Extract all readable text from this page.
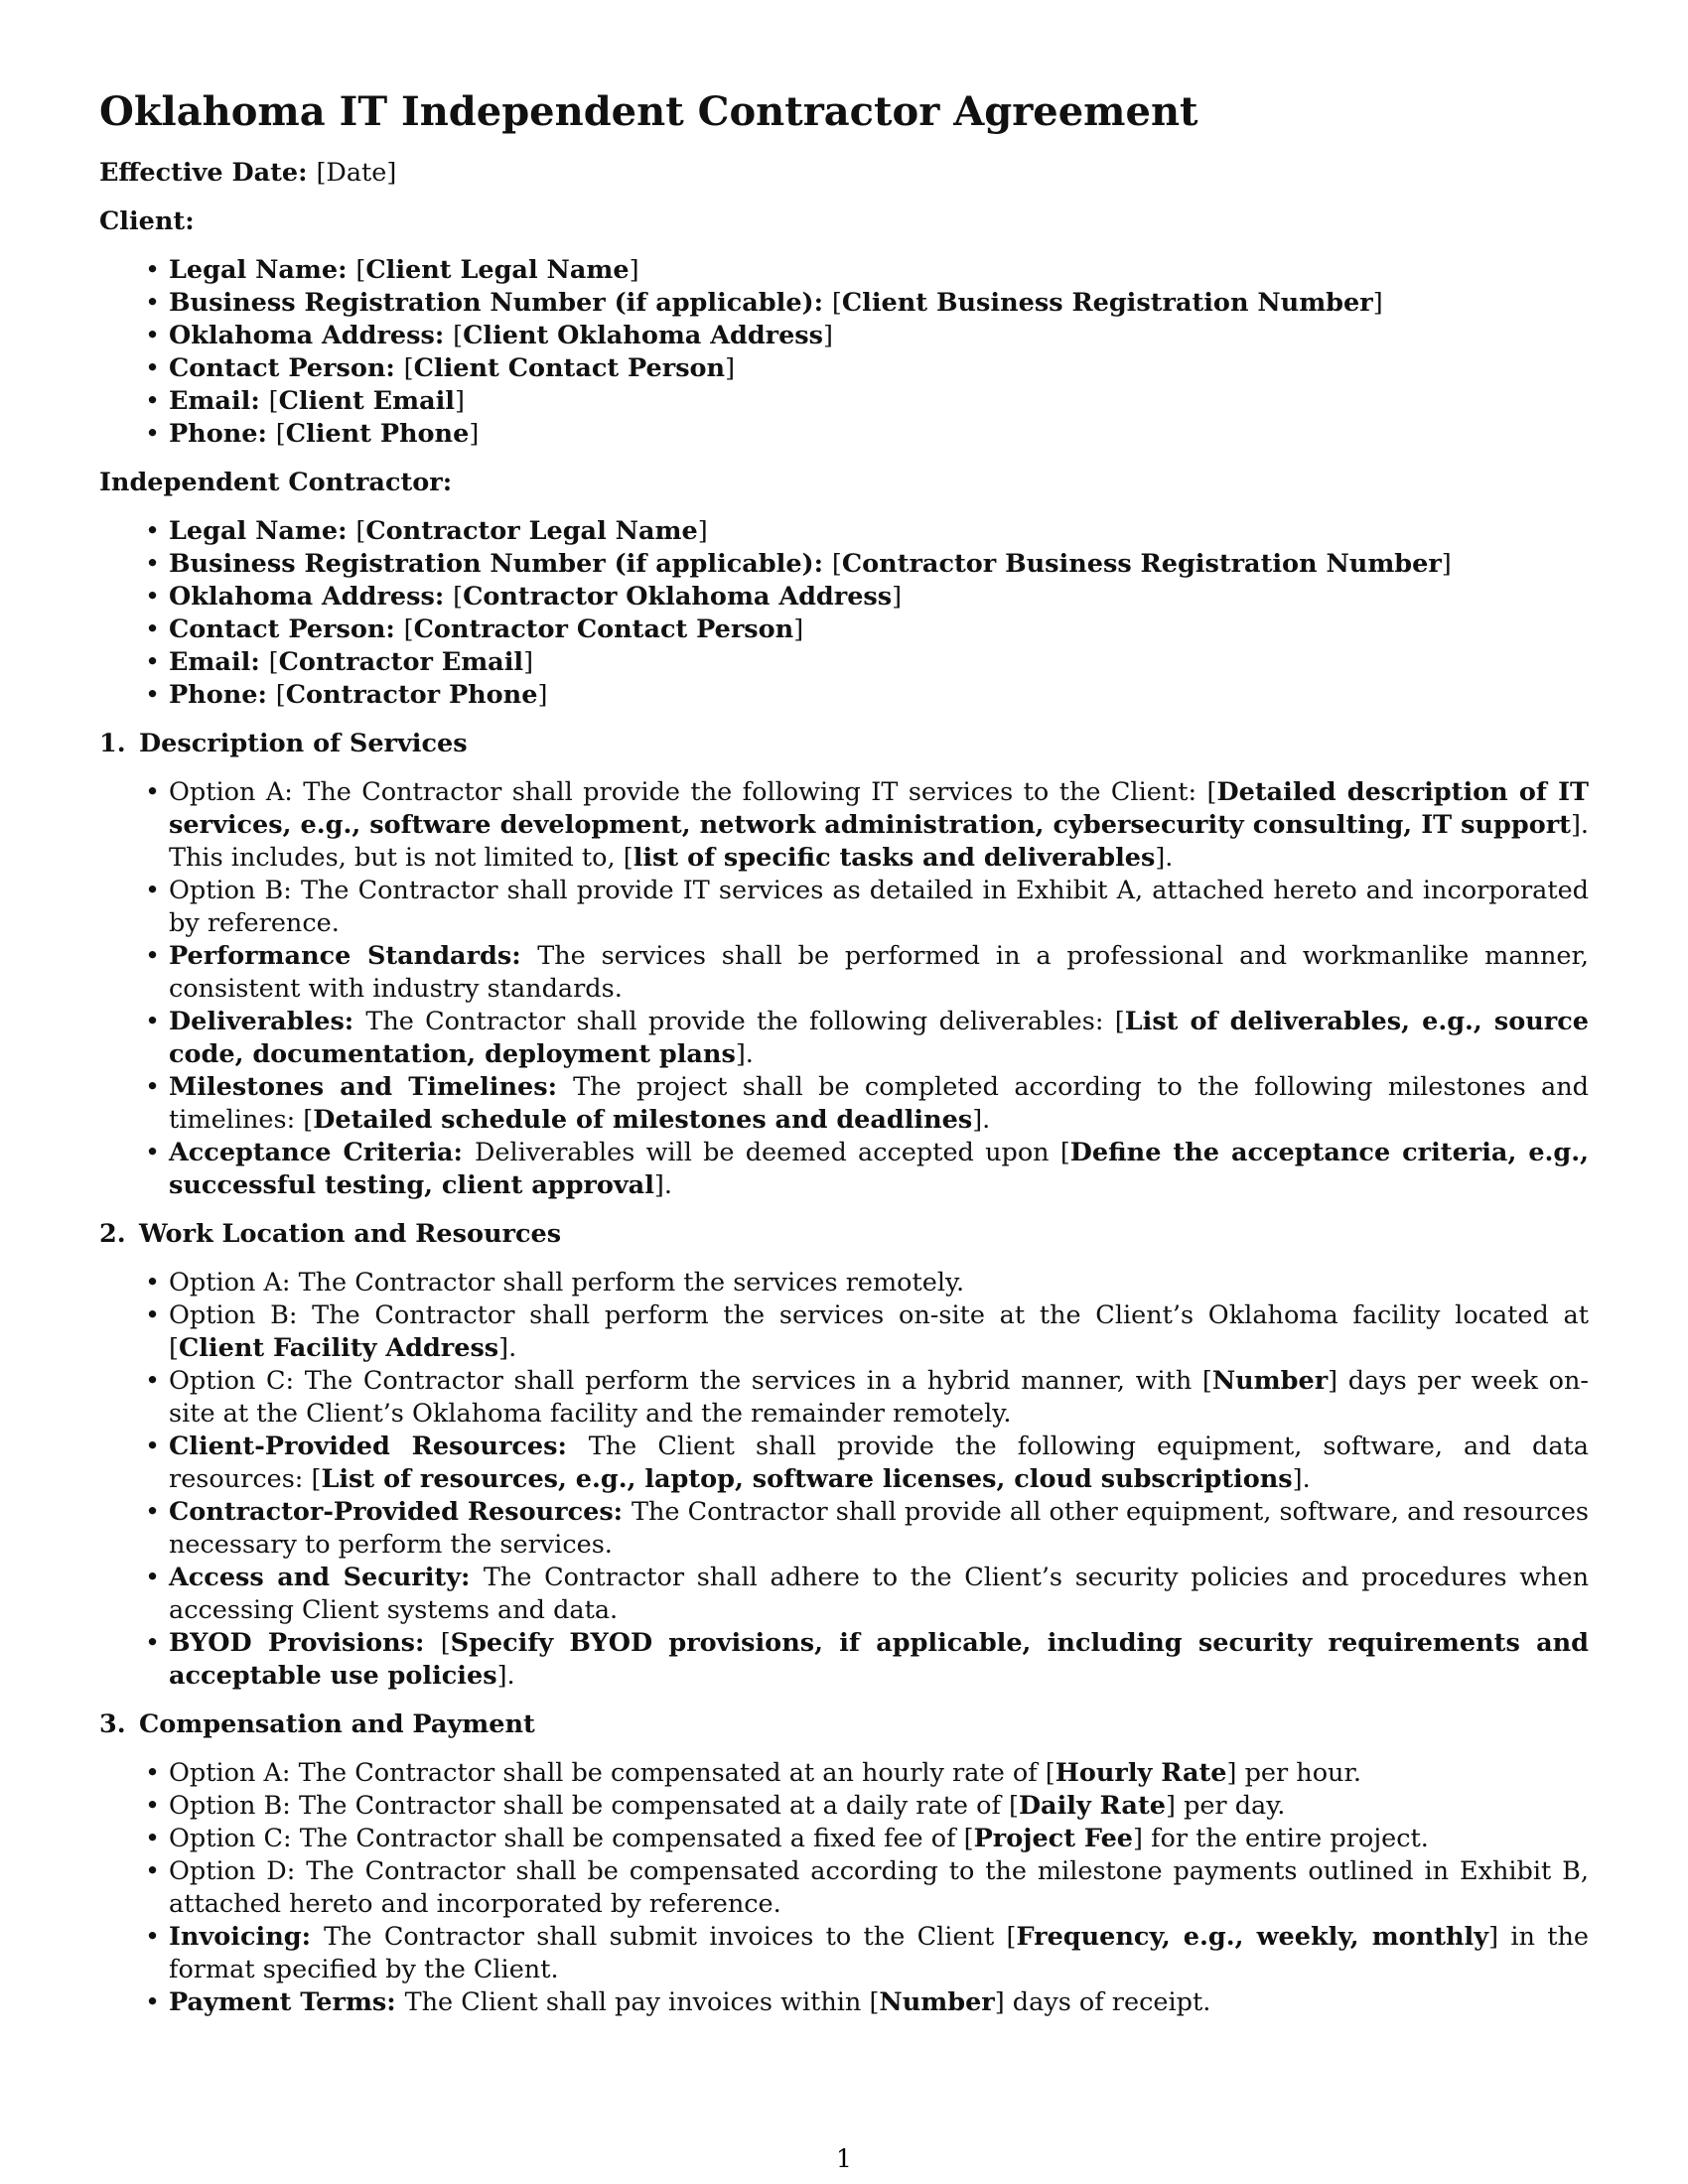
Oklahoma IT Independent Contractor Agreement
Effective Date: [Date]
Client:
• Legal Name: [Client Legal Name]
• Business Registration Number (if applicable): [Client Business Registration Number]
• Oklahoma Address: [Client Oklahoma Address]
• Contact Person: [Client Contact Person]
• Email: [Client Email]
• Phone: [Client Phone]
Independent Contractor:
• Legal Name: [Contractor Legal Name]
• Business Registration Number (if applicable): [Contractor Business Registration Number]
• Oklahoma Address: [Contractor Oklahoma Address]
• Contact Person: [Contractor Contact Person]
• Email: [Contractor Email]
• Phone: [Contractor Phone]
1. Description of Services
• Option A: The Contractor shall provide the following IT services to the Client: [Detailed description of IT services, e.g., software development, network administration, cybersecurity consulting, IT support]. This includes, but is not limited to, [list of specific tasks and deliverables].
• Option B: The Contractor shall provide IT services as detailed in Exhibit A, attached hereto and incorporated by reference.
• Performance Standards: The services shall be performed in a professional and workmanlike manner, consistent with industry standards.
• Deliverables: The Contractor shall provide the following deliverables: [List of deliverables, e.g., source code, documentation, deployment plans].
• Milestones and Timelines: The project shall be completed according to the following milestones and timelines: [Detailed schedule of milestones and deadlines].
• Acceptance Criteria: Deliverables will be deemed accepted upon [Define the acceptance criteria, e.g., successful testing, client approval].
2. Work Location and Resources
• Option A: The Contractor shall perform the services remotely.
• Option B: The Contractor shall perform the services on-site at the Client’s Oklahoma facility located at [Client Facility Address].
• Option C: The Contractor shall perform the services in a hybrid manner, with [Number] days per week on-site at the Client’s Oklahoma facility and the remainder remotely.
• Client-Provided Resources: The Client shall provide the following equipment, software, and data resources: [List of resources, e.g., laptop, software licenses, cloud subscriptions].
• Contractor-Provided Resources: The Contractor shall provide all other equipment, software, and resources necessary to perform the services.
• Access and Security: The Contractor shall adhere to the Client’s security policies and procedures when accessing Client systems and data.
• BYOD Provisions: [Specify BYOD provisions, if applicable, including security requirements and acceptable use policies].
3. Compensation and Payment
• Option A: The Contractor shall be compensated at an hourly rate of [Hourly Rate] per hour.
• Option B: The Contractor shall be compensated at a daily rate of [Daily Rate] per day.
• Option C: The Contractor shall be compensated a fixed fee of [Project Fee] for the entire project.
• Option D: The Contractor shall be compensated according to the milestone payments outlined in Exhibit B, attached hereto and incorporated by reference.
• Invoicing: The Contractor shall submit invoices to the Client [Frequency, e.g., weekly, monthly] in the format specified by the Client.
• Payment Terms: The Client shall pay invoices within [Number] days of receipt.
1
